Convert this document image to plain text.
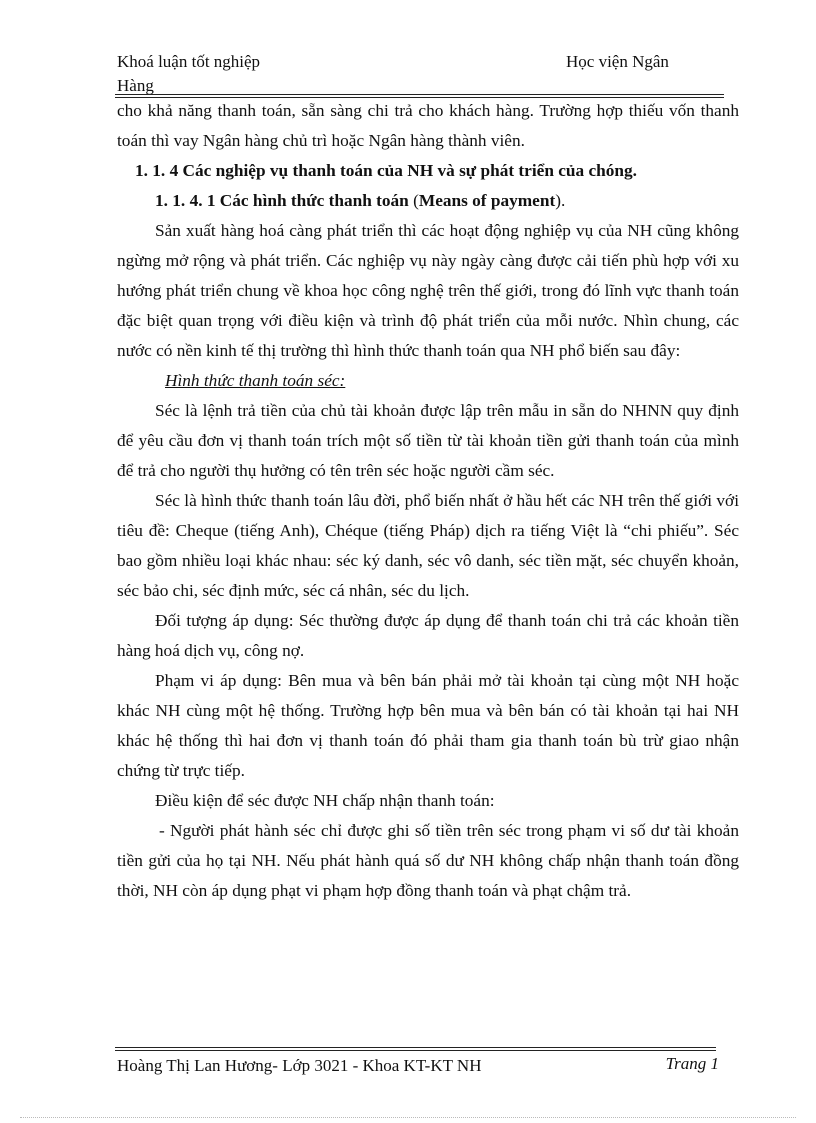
Khoá luận tốt nghiệp	Học viện Ngân
Hàng

cho khả năng thanh toán, sẵn sàng chi trả cho khách hàng. Trường hợp thiếu vốn thanh toán thì vay Ngân hàng chủ trì hoặc Ngân hàng thành viên.

1. 1. 4 Các nghiệp vụ thanh toán của NH và sự phát triển của chóng.

1. 1. 4. 1 Các hình thức thanh toán (Means of payment).

Sản xuất hàng hoá càng phát triển thì các hoạt động nghiệp vụ của NH cũng không ngừng mở rộng và phát triển. Các nghiệp vụ này ngày càng được cải tiến phù hợp với xu hướng phát triển chung về khoa học công nghệ trên thế giới, trong đó lĩnh vực thanh toán đặc biệt quan trọng với điều kiện và trình độ phát triển của mỗi nước. Nhìn chung, các nước có nền kinh tế thị trường thì hình thức thanh toán qua NH phổ biến sau đây:

Hình thức thanh toán séc:

Séc là lệnh trả tiền của chủ tài khoản được lập trên mẫu in sẵn do NHNN quy định để yêu cầu đơn vị thanh toán trích một số tiền từ tài khoản tiền gửi thanh toán của mình để trả cho người thụ hưởng có tên trên séc hoặc người cầm séc.

Séc là hình thức thanh toán lâu đời, phổ biến nhất ở hầu hết các NH trên thế giới với tiêu đề: Cheque (tiếng Anh), Chéque (tiếng Pháp) dịch ra tiếng Việt là “chi phiếu”. Séc bao gồm nhiều loại khác nhau: séc ký danh, séc vô danh, séc tiền mặt, séc chuyển khoản, séc bảo chi, séc định mức, séc cá nhân, séc du lịch.

Đối tượng áp dụng: Séc thường được áp dụng để thanh toán chi trả các khoản tiền hàng hoá dịch vụ, công nợ.

Phạm vi áp dụng: Bên mua và bên bán phải mở tài khoản tại cùng một NH hoặc khác NH cùng một hệ thống. Trường hợp bên mua và bên bán có tài khoản tại hai NH khác hệ thống thì hai đơn vị thanh toán đó phải tham gia thanh toán bù trừ giao nhận chứng từ trực tiếp.

Điều kiện để séc được NH chấp nhận thanh toán:

- Người phát hành séc chỉ được ghi số tiền trên séc trong phạm vi số dư tài khoản tiền gửi của họ tại NH. Nếu phát hành quá số dư NH không chấp nhận thanh toán đồng thời, NH còn áp dụng phạt vi phạm hợp đồng thanh toán và phạt chậm trả.

Hoàng Thị Lan Hương- Lớp 3021 - Khoa KT-KT NH	Trang 1
